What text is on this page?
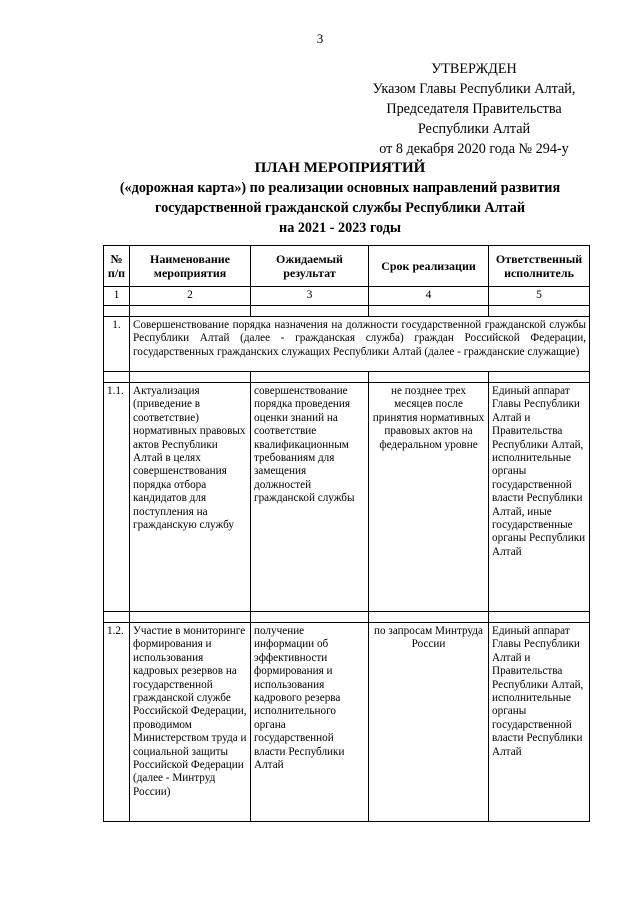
3
УТВЕРЖДЕН
Указом Главы Республики Алтай,
Председателя Правительства
Республики Алтай
от 8 декабря 2020 года № 294-у
ПЛАН МЕРОПРИЯТИЙ
(«дорожная карта») по реализации основных направлений развития
государственной гражданской службы Республики Алтай
на 2021 - 2023 годы
№ п/п	Наименование мероприятия	Ожидаемый результат	Срок реализации	Ответственный исполнитель
1	2	3	4	5

1.	Совершенствование порядка назначения на должности государственной гражданской службы Республики Алтай (далее - гражданская служба) граждан Российской Федерации, государственных гражданских служащих Республики Алтай (далее - гражданские служащие)			

1.1.	Актуализация (приведение в соответствие) нормативных правовых актов Республики Алтай в целях совершенствования порядка отбора кандидатов для поступления на гражданскую службу	совершенствование порядка проведения оценки знаний на соответствие квалификационным требованиям для замещения должностей гражданской службы	не позднее трех месяцев после принятия нормативных правовых актов на федеральном уровне	Единый аппарат Главы Республики Алтай и Правительства Республики Алтай, исполнительные органы государственной власти Республики Алтай, иные государственные органы Республики Алтай

1.2.	Участие в мониторинге формирования и использования кадровых резервов на государственной гражданской службе Российской Федерации, проводимом Министерством труда и социальной защиты Российской Федерации (далее - Минтруд России)	получение информации об эффективности формирования и использования кадрового резерва исполнительного органа государственной власти Республики Алтай	по запросам Минтруда России	Единый аппарат Главы Республики Алтай и Правительства Республики Алтай, исполнительные органы государственной власти Республики Алтай
